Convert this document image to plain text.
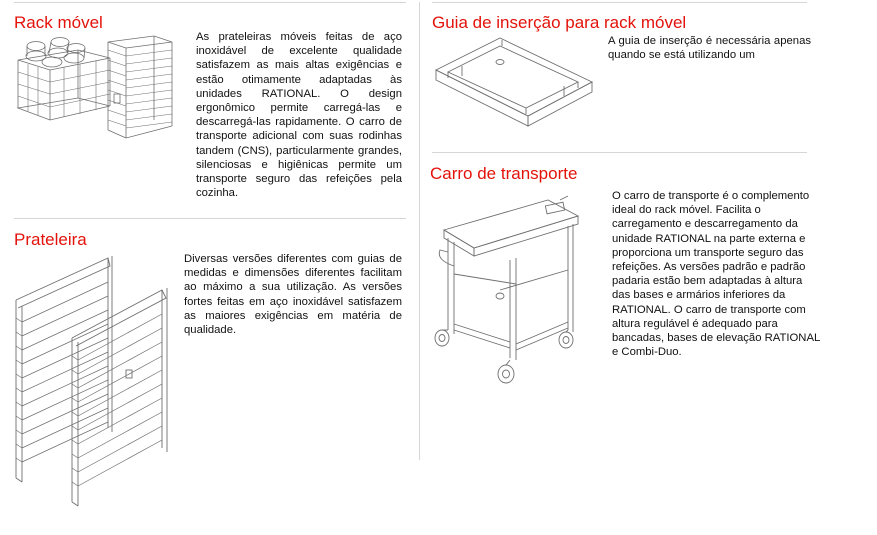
Rack móvel

As prateleiras móveis feitas de aço inoxidável de excelente qualidade satisfazem as mais altas exigências e estão otimamente adaptadas às unidades RATIONAL. O design ergonômico permite carregá-las e descarregá-las rapidamente. O carro de transporte adicional com suas rodinhas tandem (CNS), particularmente grandes, silenciosas e higiênicas permite um transporte seguro das refeições pela cozinha.

Prateleira

Diversas versões diferentes com guias de medidas e dimensões diferentes facilitam ao máximo a sua utilização. As versões fortes feitas em aço inoxidável satisfazem as maiores exigências em matéria de qualidade.

Guia de inserção para rack móvel

A guia de inserção é necessária apenas quando se está utilizando um

Carro de transporte

O carro de transporte é o complemento ideal do rack móvel. Facilita o carregamento e descarregamento da unidade RATIONAL na parte externa e proporciona um transporte seguro das refeições. As versões padrão e padrão padaria estão bem adaptadas à altura das bases e armários inferiores da RATIONAL. O carro de transporte com altura regulável é adequado para bancadas, bases de elevação RATIONAL e Combi-Duo.
